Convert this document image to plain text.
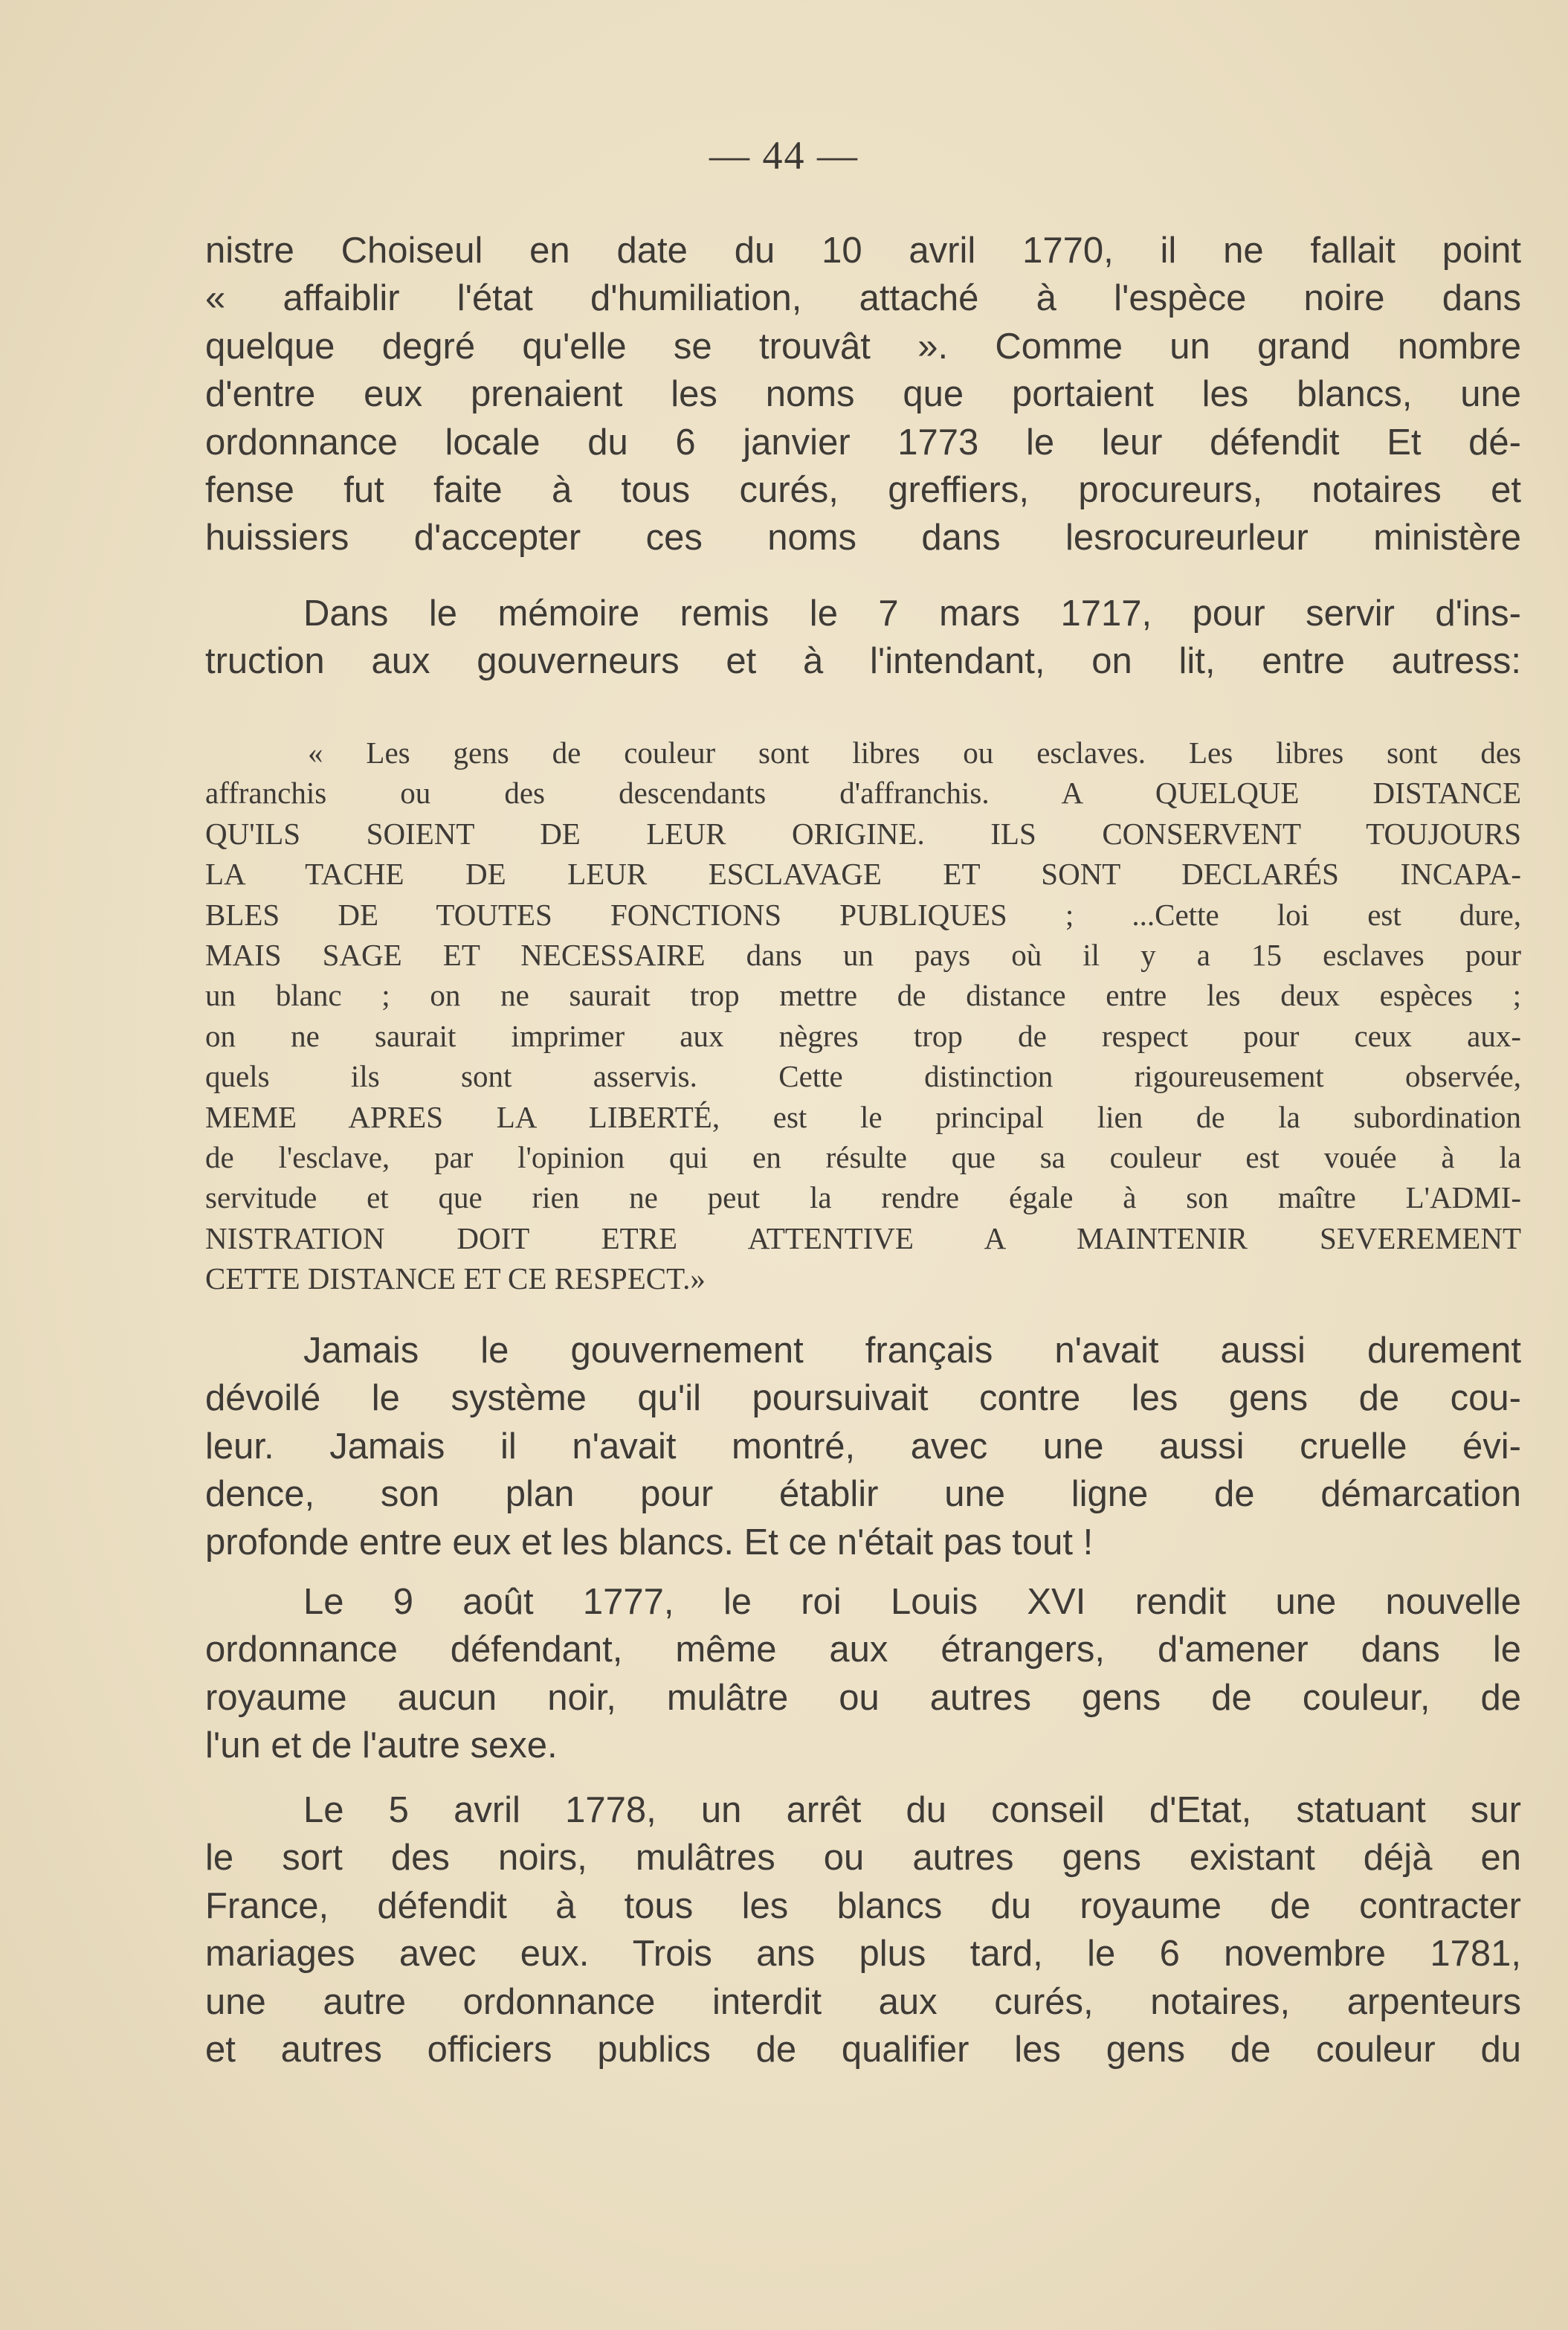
— 44 —
nistre Choiseul en date du 10 avril 1770, il ne fallait point
« affaiblir l'état d'humiliation, attaché à l'espèce noire dans
quelque degré qu'elle se trouvât ». Comme un grand nombre
d'entre eux prenaient les noms que portaient les blancs, une
ordonnance locale du 6 janvier 1773 le leur défendit Et dé-
fense fut faite à tous curés, greffiers, procureurs, notaires et
huissiers d'accepter ces noms dans lesrocureurleur ministère
Dans le mémoire remis le 7 mars 1717, pour servir d'ins-
truction aux gouverneurs et à l'intendant, on lit, entre autress:
« Les gens de couleur sont libres ou esclaves. Les libres sont des
affranchis ou des descendants d'affranchis. A QUELQUE DISTANCE
QU'ILS SOIENT DE LEUR ORIGINE. ILS CONSERVENT TOUJOURS
LA TACHE DE LEUR ESCLAVAGE ET SONT DECLARÉS INCAPA-
BLES DE TOUTES FONCTIONS PUBLIQUES ; ...Cette loi est dure,
MAIS SAGE ET NECESSAIRE dans un pays où il y a 15 esclaves pour
un blanc ; on ne saurait trop mettre de distance entre les deux espèces ;
on ne saurait imprimer aux nègres trop de respect pour ceux aux-
quels ils sont asservis. Cette distinction rigoureusement observée,
MEME APRES LA LIBERTÉ, est le principal lien de la subordination
de l'esclave, par l'opinion qui en résulte que sa couleur est vouée à la
servitude et que rien ne peut la rendre égale à son maître L'ADMI-
NISTRATION DOIT ETRE ATTENTIVE A MAINTENIR SEVEREMENT
CETTE DISTANCE ET CE RESPECT.»
Jamais le gouvernement français n'avait aussi durement
dévoilé le système qu'il poursuivait contre les gens de cou-
leur. Jamais il n'avait montré, avec une aussi cruelle évi-
dence, son plan pour établir une ligne de démarcation
profonde entre eux et les blancs. Et ce n'était pas tout !
Le 9 août 1777, le roi Louis XVI rendit une nouvelle
ordonnance défendant, même aux étrangers, d'amener dans le
royaume aucun noir, mulâtre ou autres gens de couleur, de
l'un et de l'autre sexe.
Le 5 avril 1778, un arrêt du conseil d'Etat, statuant sur
le sort des noirs, mulâtres ou autres gens existant déjà en
France, défendit à tous les blancs du royaume de contracter
mariages avec eux. Trois ans plus tard, le 6 novembre 1781,
une autre ordonnance interdit aux curés, notaires, arpenteurs
et autres officiers publics de qualifier les gens de couleur du
